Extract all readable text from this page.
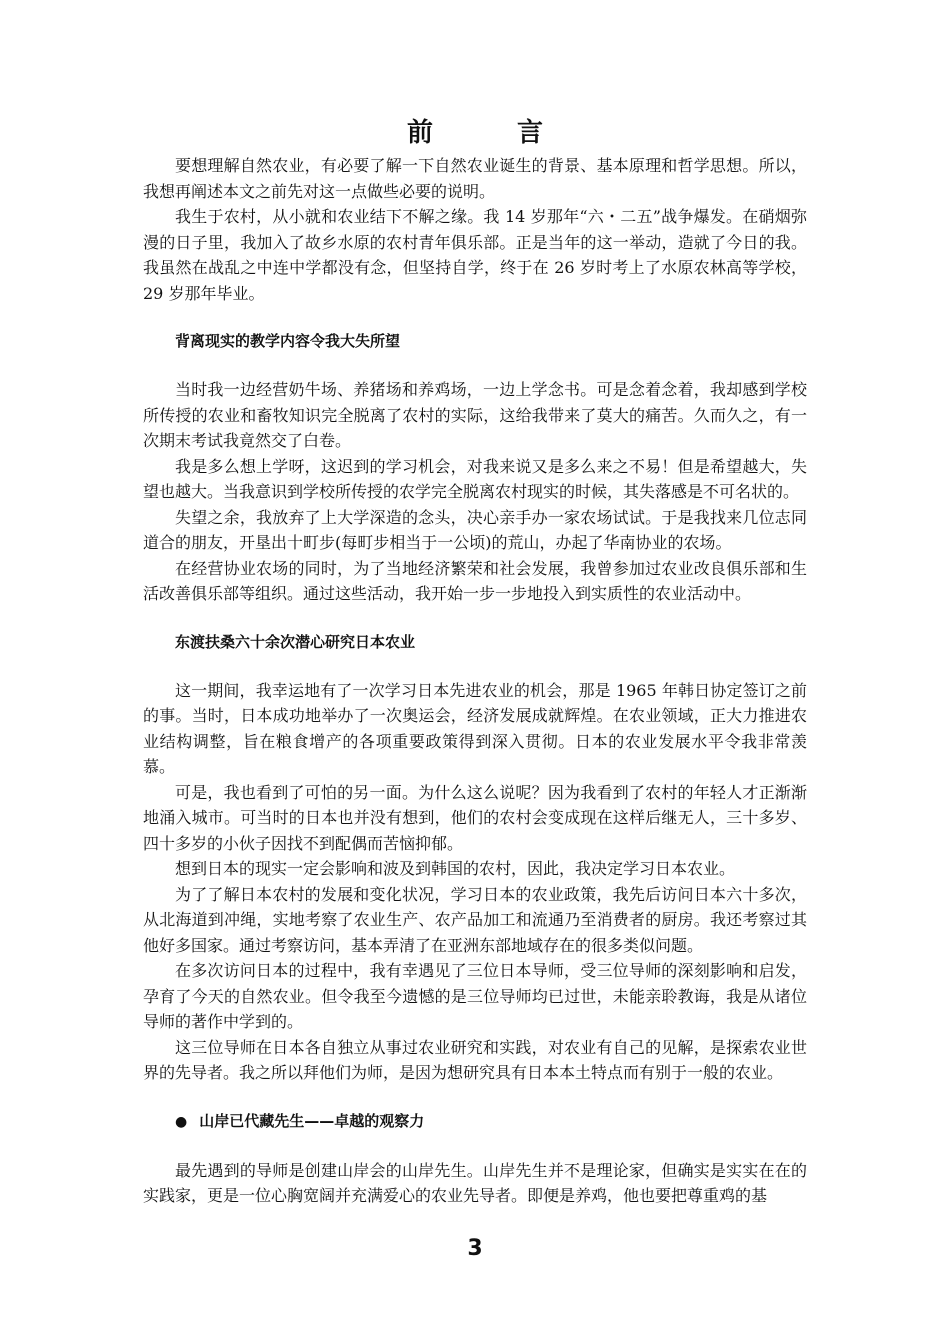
前言

要想理解自然农业，有必要了解一下自然农业诞生的背景、基本原理和哲学思想。所以，我想再阐述本文之前先对这一点做些必要的说明。

我生于农村，从小就和农业结下不解之缘。我 14 岁那年“六・二五”战争爆发。在硝烟弥漫的日子里，我加入了故乡水原的农村青年俱乐部。正是当年的这一举动，造就了今日的我。我虽然在战乱之中连中学都没有念，但坚持自学，终于在 26 岁时考上了水原农林高等学校，29 岁那年毕业。

背离现实的教学内容令我大失所望

当时我一边经营奶牛场、养猪场和养鸡场，一边上学念书。可是念着念着，我却感到学校所传授的农业和畜牧知识完全脱离了农村的实际，这给我带来了莫大的痛苦。久而久之，有一次期末考试我竟然交了白卷。

我是多么想上学呀，这迟到的学习机会，对我来说又是多么来之不易！但是希望越大，失望也越大。当我意识到学校所传授的农学完全脱离农村现实的时候，其失落感是不可名状的。

失望之余，我放弃了上大学深造的念头，决心亲手办一家农场试试。于是我找来几位志同道合的朋友，开垦出十町步(每町步相当于一公顷)的荒山，办起了华南协业的农场。

在经营协业农场的同时，为了当地经济繁荣和社会发展，我曾参加过农业改良俱乐部和生活改善俱乐部等组织。通过这些活动，我开始一步一步地投入到实质性的农业活动中。

东渡扶桑六十余次潜心研究日本农业

这一期间，我幸运地有了一次学习日本先进农业的机会，那是 1965 年韩日协定签订之前的事。当时，日本成功地举办了一次奥运会，经济发展成就辉煌。在农业领域，正大力推进农业结构调整，旨在粮食增产的各项重要政策得到深入贯彻。日本的农业发展水平令我非常羡慕。

可是，我也看到了可怕的另一面。为什么这么说呢？因为我看到了农村的年轻人才正渐渐地涌入城市。可当时的日本也并没有想到，他们的农村会变成现在这样后继无人，三十多岁、四十多岁的小伙子因找不到配偶而苦恼抑郁。

想到日本的现实一定会影响和波及到韩国的农村，因此，我决定学习日本农业。

为了了解日本农村的发展和变化状况，学习日本的农业政策，我先后访问日本六十多次，从北海道到冲绳，实地考察了农业生产、农产品加工和流通乃至消费者的厨房。我还考察过其他好多国家。通过考察访问，基本弄清了在亚洲东部地域存在的很多类似问题。

在多次访问日本的过程中，我有幸遇见了三位日本导师，受三位导师的深刻影响和启发，孕育了今天的自然农业。但令我至今遗憾的是三位导师均已过世，未能亲聆教诲，我是从诸位导师的著作中学到的。

这三位导师在日本各自独立从事过农业研究和实践，对农业有自己的见解，是探索农业世界的先导者。我之所以拜他们为师，是因为想研究具有日本本土特点而有别于一般的农业。

● 山岸已代藏先生——卓越的观察力

最先遇到的导师是创建山岸会的山岸先生。山岸先生并不是理论家，但确实是实实在在的实践家，更是一位心胸宽阔并充满爱心的农业先导者。即便是养鸡，他也要把尊重鸡的基

3
